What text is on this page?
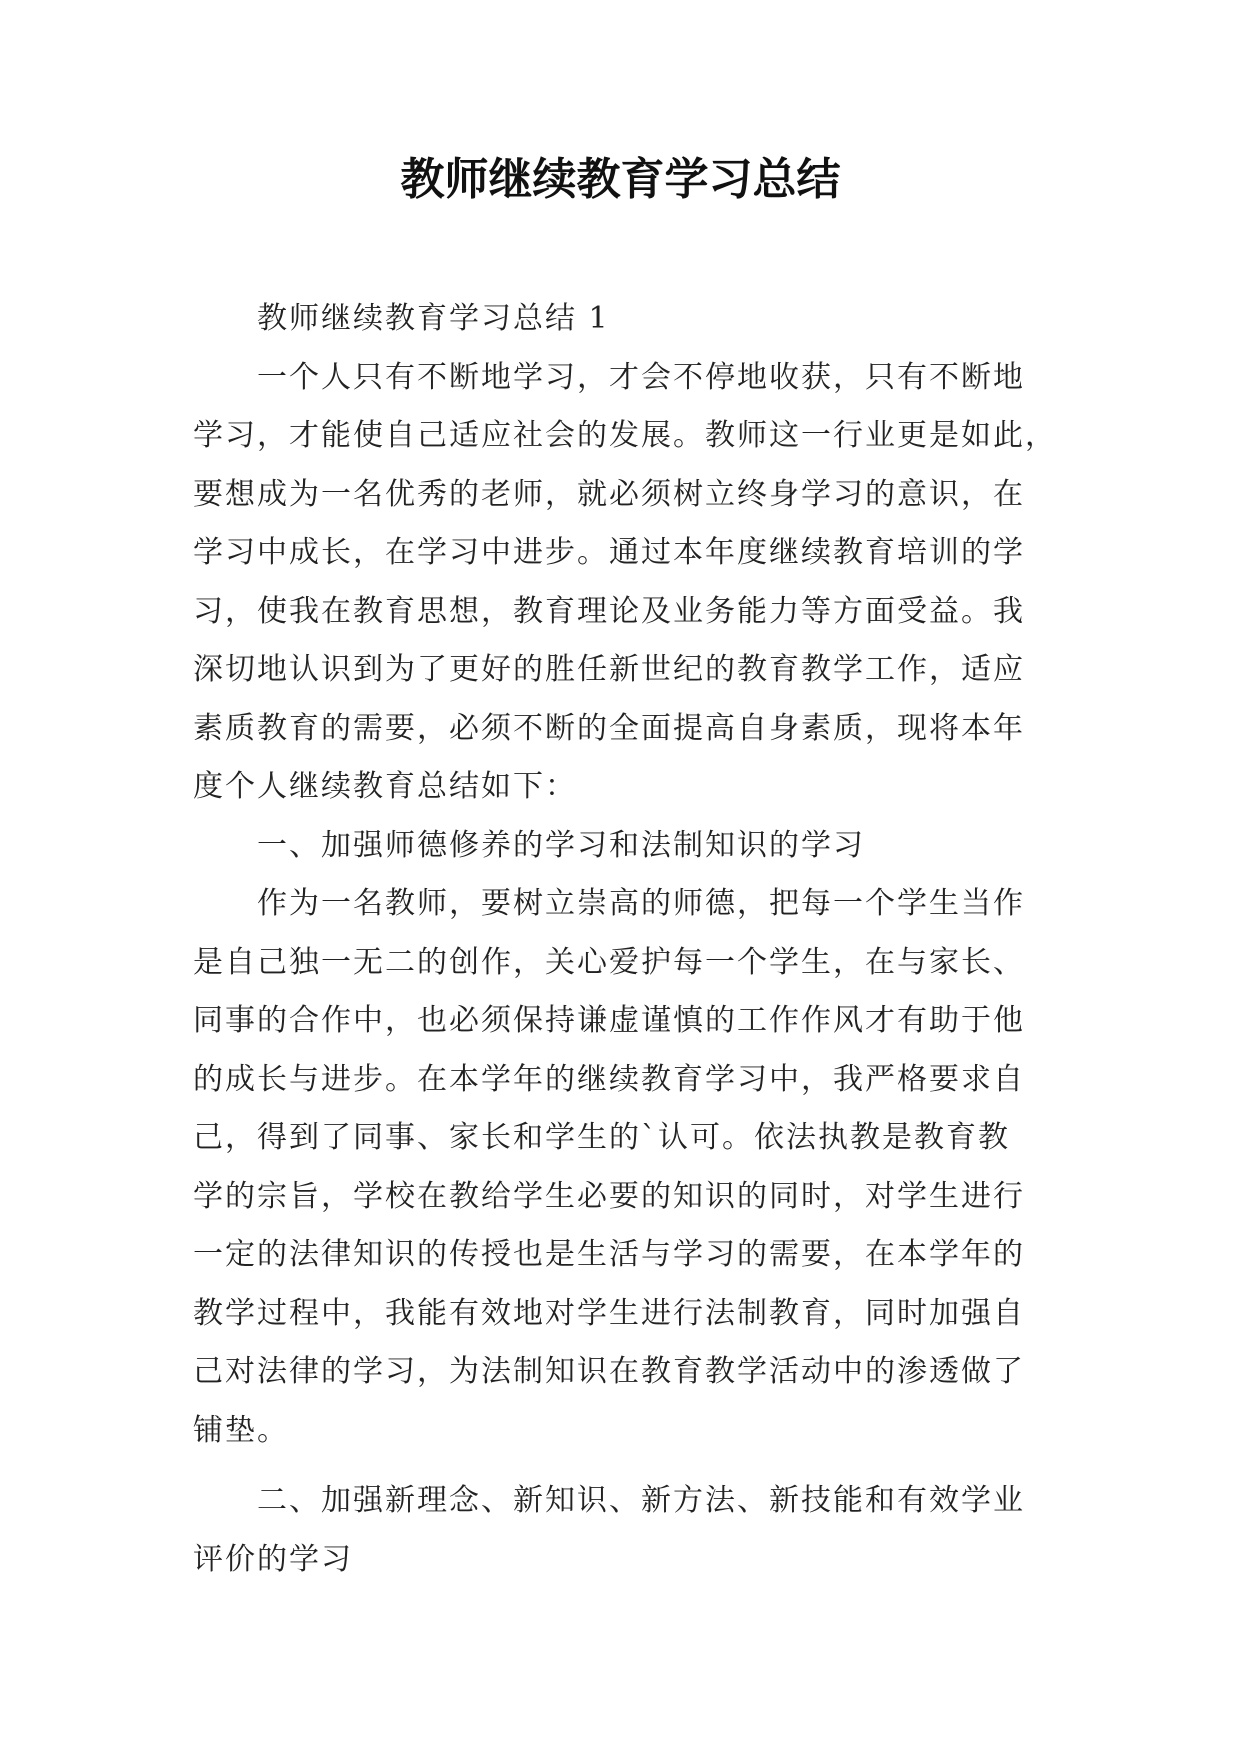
教师继续教育学习总结
教师继续教育学习总结 1
一个人只有不断地学习，才会不停地收获，只有不断地
学习，才能使自己适应社会的发展。教师这一行业更是如此，
要想成为一名优秀的老师，就必须树立终身学习的意识，在
学习中成长，在学习中进步。通过本年度继续教育培训的学
习，使我在教育思想，教育理论及业务能力等方面受益。我
深切地认识到为了更好的胜任新世纪的教育教学工作，适应
素质教育的需要，必须不断的全面提高自身素质，现将本年
度个人继续教育总结如下：
一、加强师德修养的学习和法制知识的学习
作为一名教师，要树立崇高的师德，把每一个学生当作
是自己独一无二的创作，关心爱护每一个学生，在与家长、
同事的合作中，也必须保持谦虚谨慎的工作作风才有助于他
的成长与进步。在本学年的继续教育学习中，我严格要求自
己，得到了同事、家长和学生的`认可。依法执教是教育教
学的宗旨，学校在教给学生必要的知识的同时，对学生进行
一定的法律知识的传授也是生活与学习的需要，在本学年的
教学过程中，我能有效地对学生进行法制教育，同时加强自
己对法律的学习，为法制知识在教育教学活动中的渗透做了
铺垫。
二、加强新理念、新知识、新方法、新技能和有效学业
评价的学习
